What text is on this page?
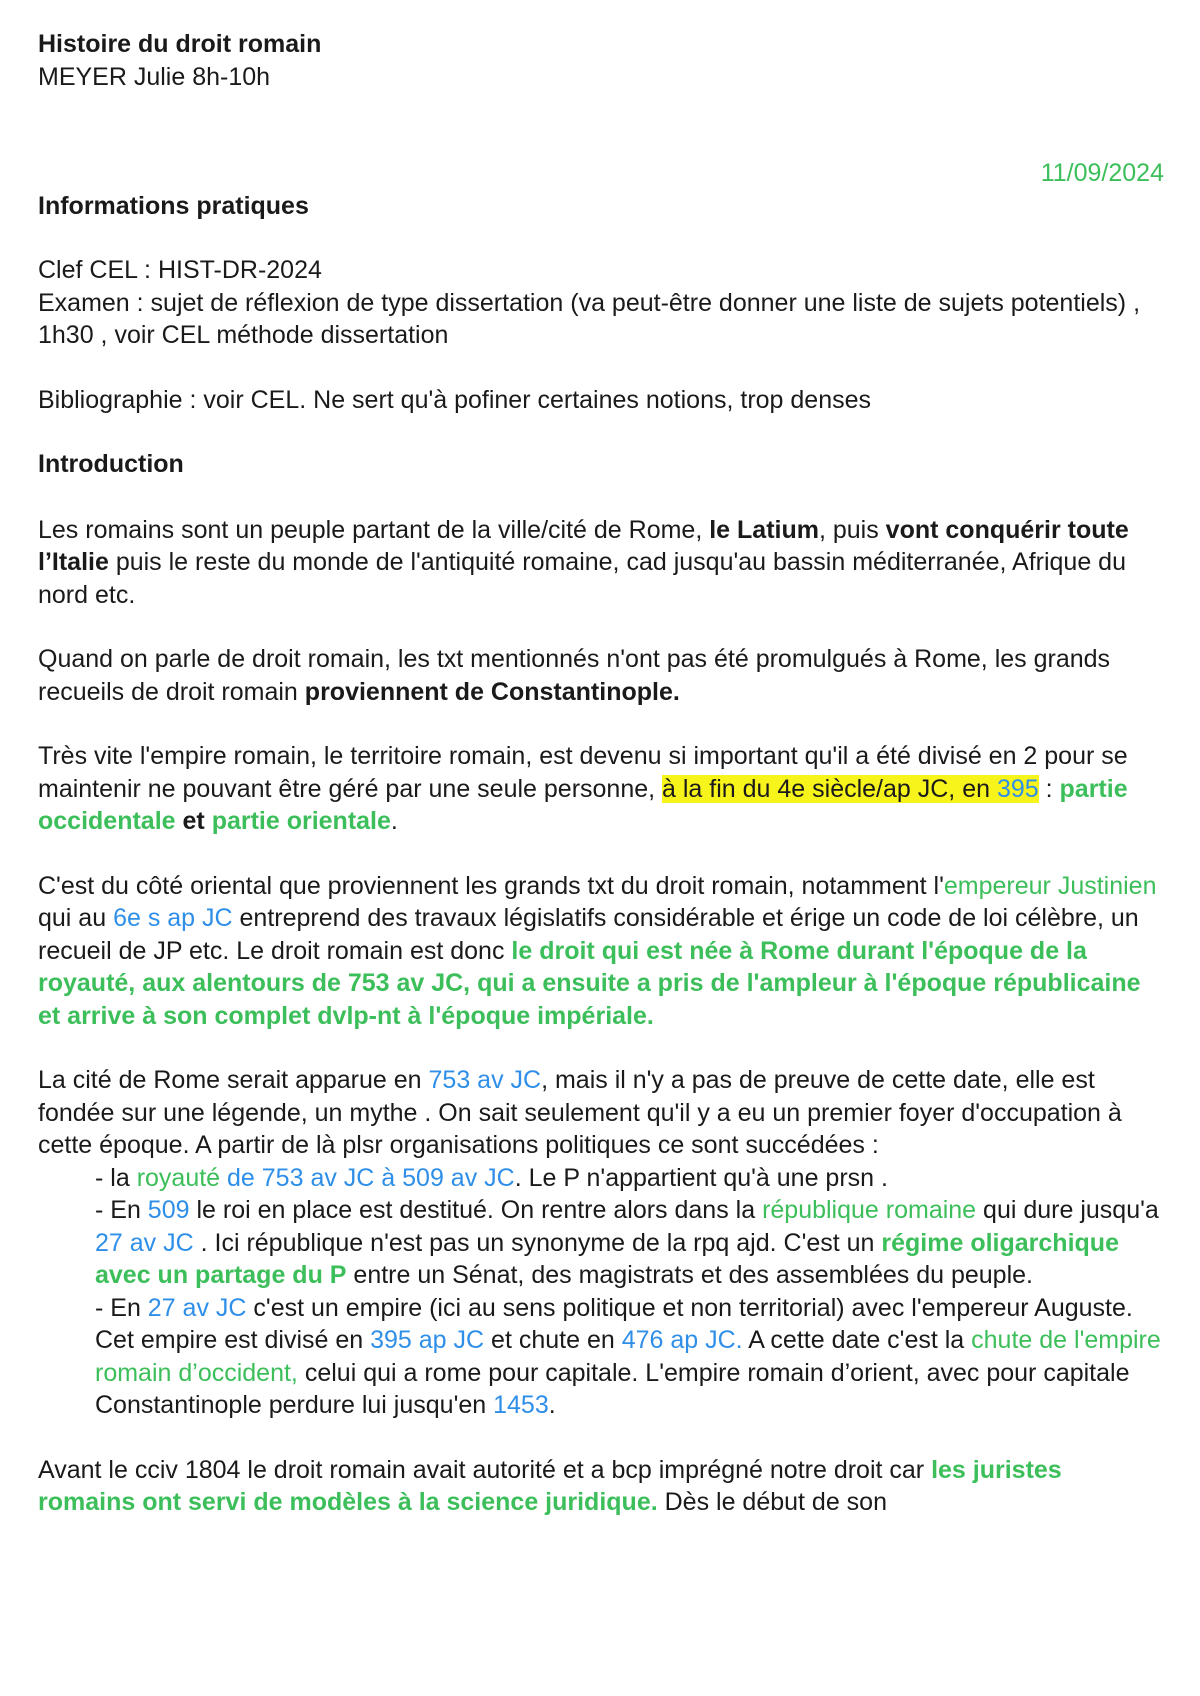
Histoire du droit romain

MEYER Julie 8h-10h

11/09/2024

Informations pratiques

Clef CEL : HIST-DR-2024

Examen : sujet de réflexion de type dissertation (va peut-être donner une liste de sujets potentiels) , 1h30 , voir CEL méthode dissertation

Bibliographie : voir CEL. Ne sert qu'à pofiner certaines notions, trop denses

Introduction

Les romains sont un peuple partant de la ville/cité de Rome, le Latium, puis vont conquérir toute l’Italie puis le reste du monde de l'antiquité romaine, cad jusqu'au bassin méditerranée, Afrique du nord etc.

Quand on parle de droit romain, les txt mentionnés n'ont pas été promulgués à Rome, les grands recueils de droit romain proviennent de Constantinople.

Très vite l'empire romain, le territoire romain, est devenu si important qu'il a été divisé en 2 pour se maintenir ne pouvant être géré par une seule personne, à la fin du 4e siècle/ap JC, en 395 : partie occidentale et partie orientale.

C'est du côté oriental que proviennent les grands txt du droit romain, notamment l'empereur Justinien qui au 6e s ap JC entreprend des travaux législatifs considérable et érige un code de loi célèbre, un recueil de JP etc. Le droit romain est donc le droit qui est née à Rome durant l'époque de la royauté, aux alentours de 753 av JC, qui a ensuite a pris de l'ampleur à l'époque républicaine et arrive à son complet dvlp-nt à l'époque impériale.

La cité de Rome serait apparue en 753 av JC, mais il n'y a pas de preuve de cette date, elle est fondée sur une légende, un mythe . On sait seulement qu'il y a eu un premier foyer d'occupation à cette époque. A partir de là plsr organisations politiques ce sont succédées :

- la royauté de 753 av JC à 509 av JC. Le P n'appartient qu'à une prsn .
- En 509 le roi en place est destitué. On rentre alors dans la république romaine qui dure jusqu'a 27 av JC . Ici république n'est pas un synonyme de la rpq ajd. C'est un régime oligarchique avec un partage du P entre un Sénat, des magistrats et des assemblées du peuple.
- En 27 av JC c'est un empire (ici au sens politique et non territorial) avec l'empereur Auguste. Cet empire est divisé en 395 ap JC et chute en 476 ap JC. A cette date c'est la chute de l'empire romain d’occident, celui qui a rome pour capitale. L'empire romain d’orient, avec pour capitale Constantinople perdure lui jusqu'en 1453.

Avant le cciv 1804 le droit romain avait autorité et a bcp imprégné notre droit car les juristes romains ont servi de modèles à la science juridique. Dès le début de son
